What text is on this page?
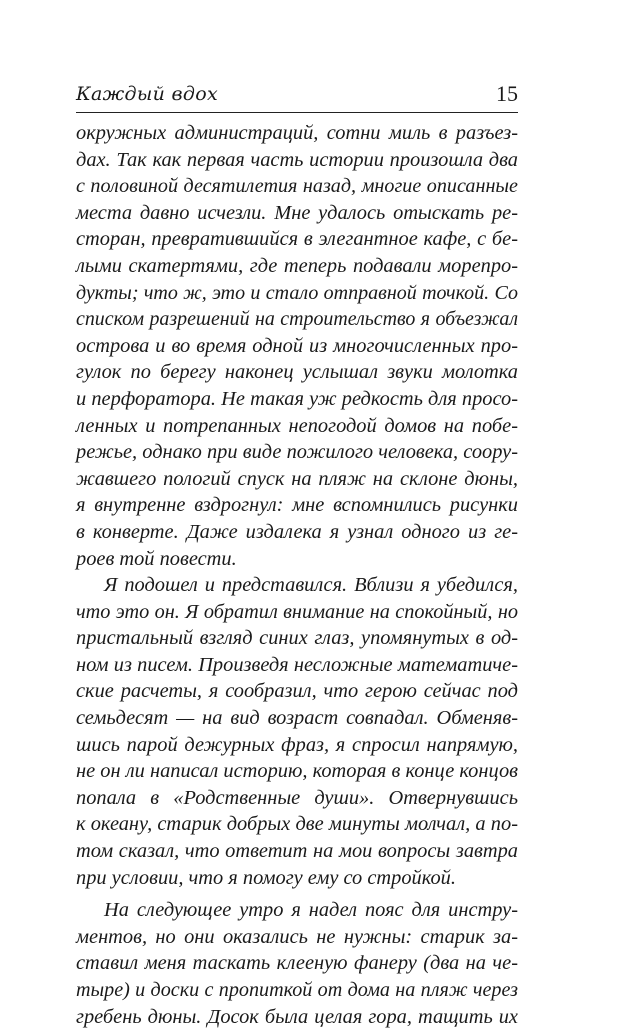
Каждый вдох	15
окружных администраций, сотни миль в разъез-
дах. Так как первая часть истории произошла два
с половиной десятилетия назад, многие описанные
места давно исчезли. Мне удалось отыскать ре-
сторан, превратившийся в элегантное кафе, с бе-
лыми скатертями, где теперь подавали морепро-
дукты; что ж, это и стало отправной точкой. Со
списком разрешений на строительство я объезжал
острова и во время одной из многочисленных про-
гулок по берегу наконец услышал звуки молотка
и перфоратора. Не такая уж редкость для просо-
ленных и потрепанных непогодой домов на побе-
режье, однако при виде пожилого человека, соору-
жавшего пологий спуск на пляж на склоне дюны,
я внутренне вздрогнул: мне вспомнились рисунки
в конверте. Даже издалека я узнал одного из ге-
роев той повести.
Я подошел и представился. Вблизи я убедился,
что это он. Я обратил внимание на спокойный, но
пристальный взгляд синих глаз, упомянутых в од-
ном из писем. Произведя несложные математиче-
ские расчеты, я сообразил, что герою сейчас под
семьдесят — на вид возраст совпадал. Обменяв-
шись парой дежурных фраз, я спросил напрямую,
не он ли написал историю, которая в конце концов
попала в «Родственные души». Отвернувшись
к океану, старик добрых две минуты молчал, а по-
том сказал, что ответит на мои вопросы завтра
при условии, что я помогу ему со стройкой.
На следующее утро я надел пояс для инстру-
ментов, но они оказались не нужны: старик за-
ставил меня таскать клееную фанеру (два на че-
тыре) и доски с пропиткой от дома на пляж через
гребень дюны. Досок была целая гора, тащить их
